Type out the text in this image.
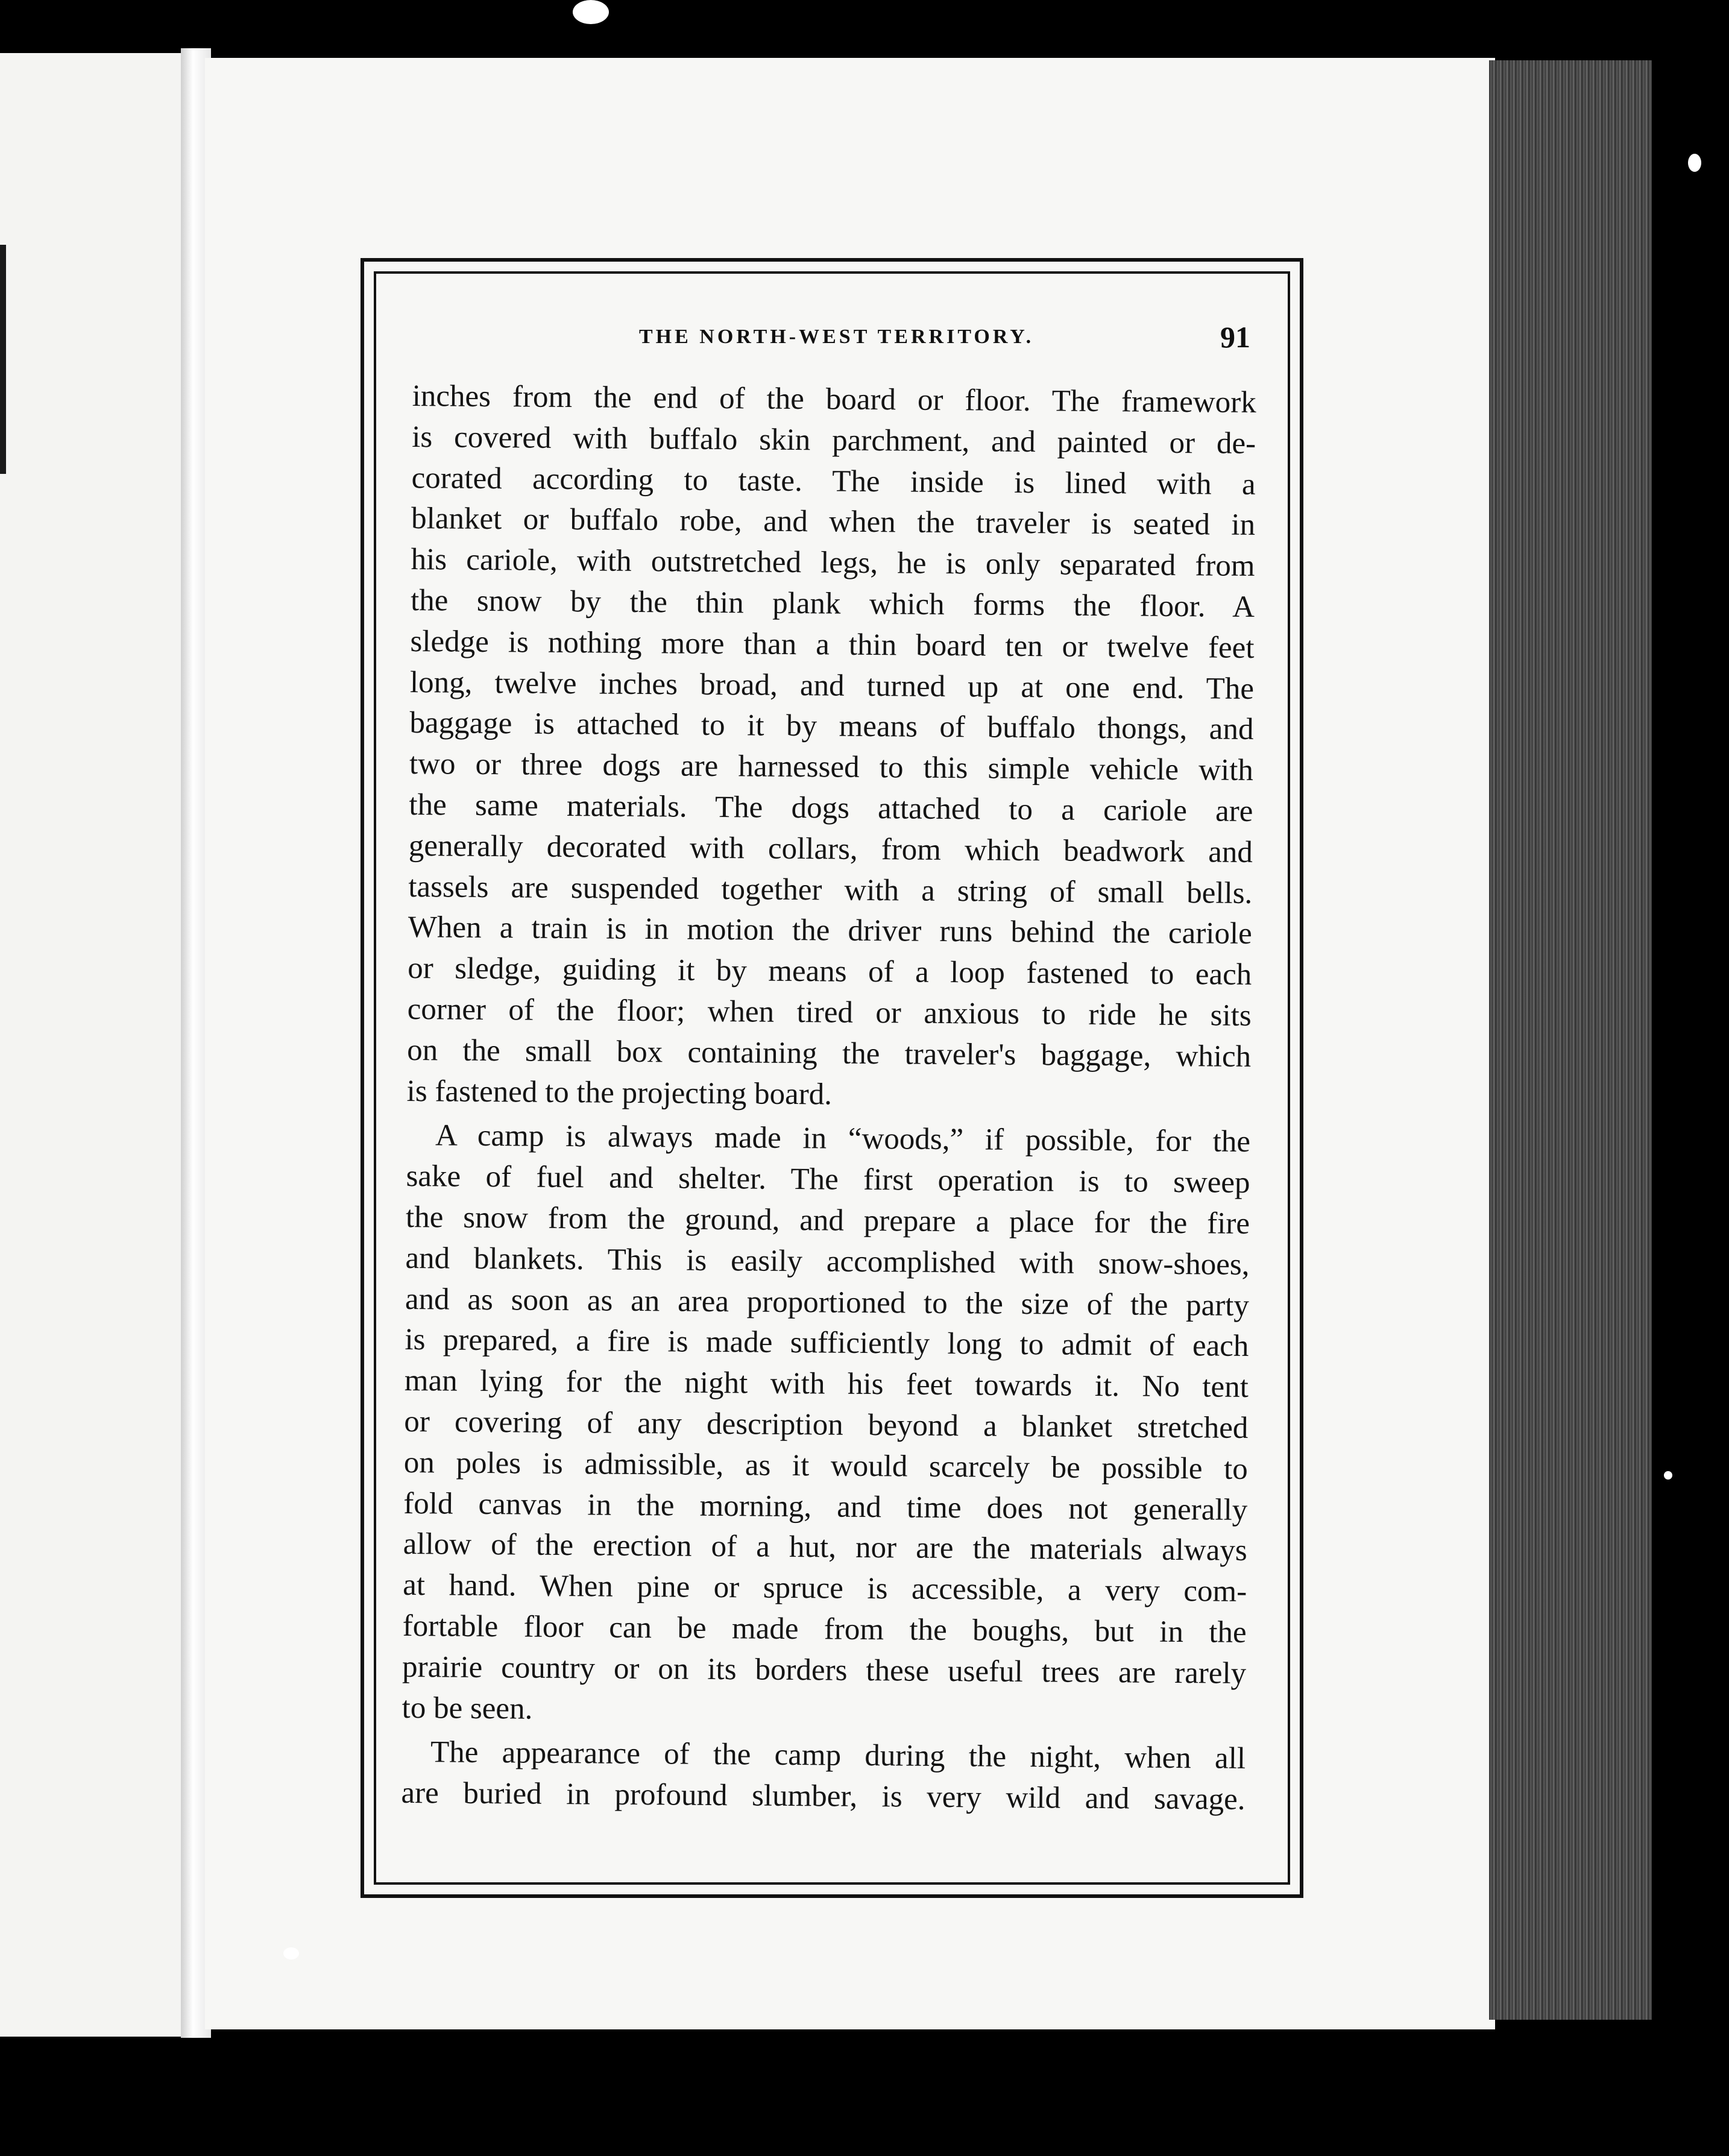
THE NORTH-WEST TERRITORY.	91

inches from the end of the board or floor. The framework

is covered with buffalo skin parchment, and painted or de-

corated according to taste. The inside is lined with a

blanket or buffalo robe, and when the traveler is seated in

his cariole, with outstretched legs, he is only separated from

the snow by the thin plank which forms the floor. A

sledge is nothing more than a thin board ten or twelve feet

long, twelve inches broad, and turned up at one end. The

baggage is attached to it by means of buffalo thongs, and

two or three dogs are harnessed to this simple vehicle with

the same materials. The dogs attached to a cariole are

generally decorated with collars, from which beadwork and

tassels are suspended together with a string of small bells.

When a train is in motion the driver runs behind the cariole

or sledge, guiding it by means of a loop fastened to each

corner of the floor; when tired or anxious to ride he sits

on the small box containing the traveler's baggage, which

is fastened to the projecting board.

A camp is always made in “woods,” if possible, for the

sake of fuel and shelter. The first operation is to sweep

the snow from the ground, and prepare a place for the fire

and blankets. This is easily accomplished with snow-shoes,

and as soon as an area proportioned to the size of the party

is prepared, a fire is made sufficiently long to admit of each

man lying for the night with his feet towards it. No tent

or covering of any description beyond a blanket stretched

on poles is admissible, as it would scarcely be possible to

fold canvas in the morning, and time does not generally

allow of the erection of a hut, nor are the materials always

at hand. When pine or spruce is accessible, a very com-

fortable floor can be made from the boughs, but in the

prairie country or on its borders these useful trees are rarely

to be seen.

The appearance of the camp during the night, when all

are buried in profound slumber, is very wild and savage.
